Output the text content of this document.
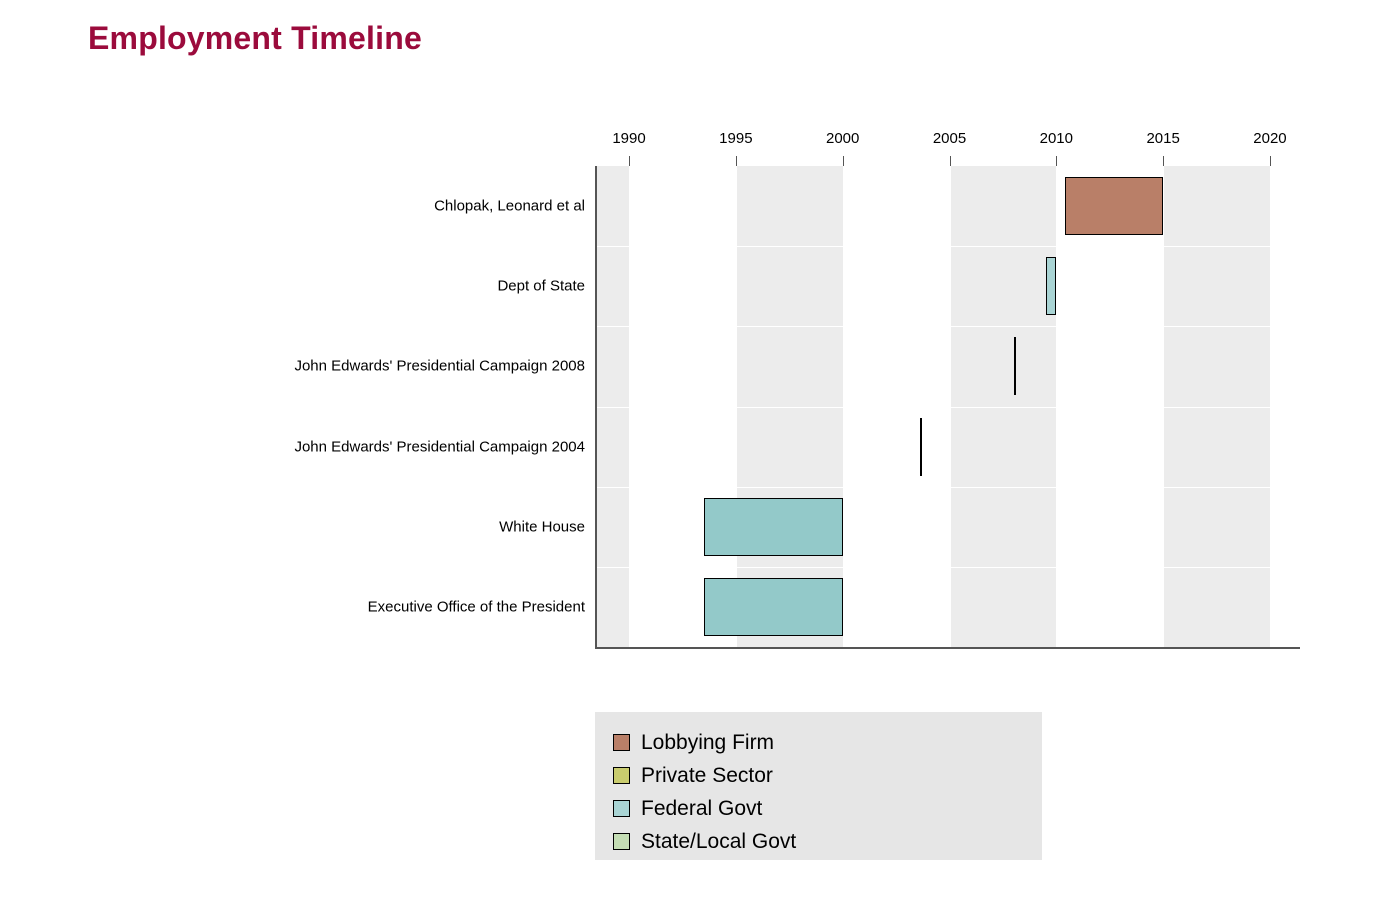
Employment Timeline
1990	1995	2000	2005	2010	2015	2020
Chlopak, Leonard et al
Dept of State
John Edwards' Presidential Campaign 2008
John Edwards' Presidential Campaign 2004
White House
Executive Office of the President
Lobbying Firm
Private Sector
Federal Govt
State/Local Govt
